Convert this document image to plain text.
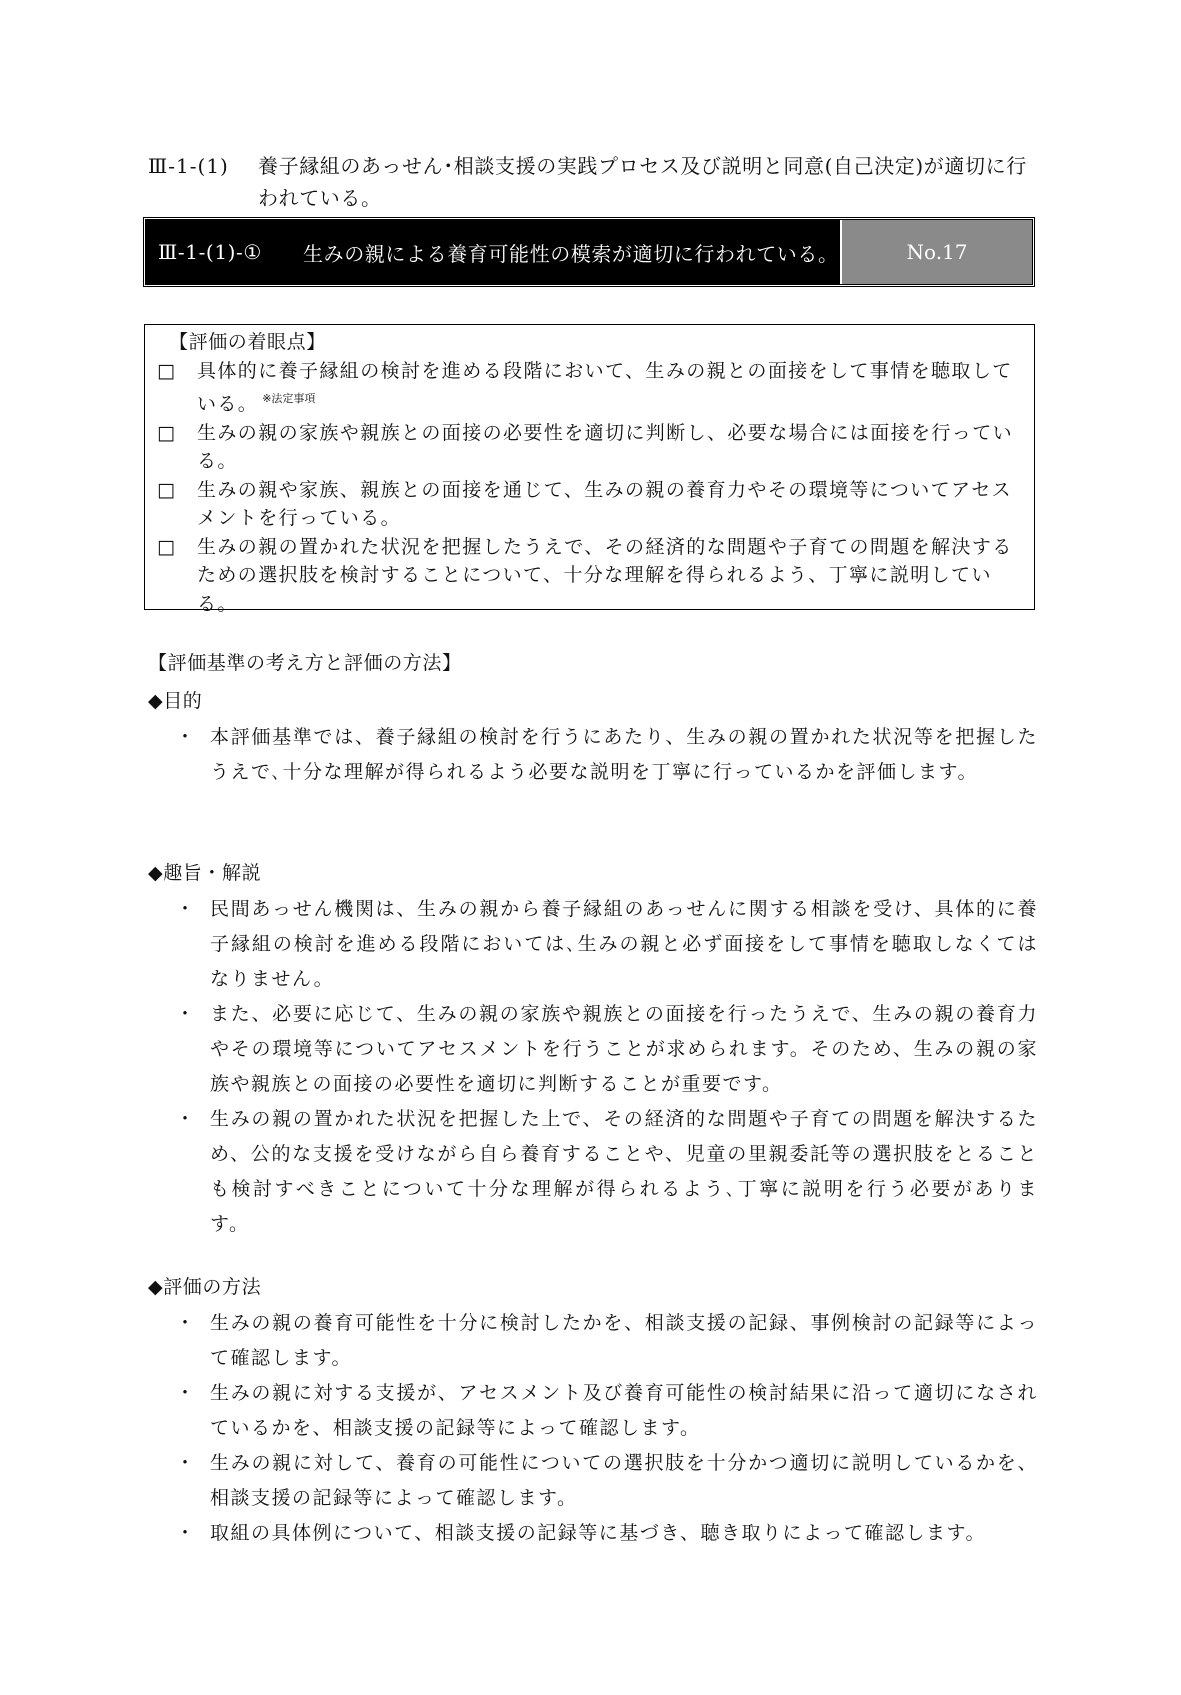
Ⅲ-1-(1)	養子縁組のあっせん･相談支援の実践プロセス及び説明と同意(自己決定)が適切に行われている。
Ⅲ-1-(1)-①	生みの親による養育可能性の模索が適切に行われている。	No.17
【評価の着眼点】
□	具体的に養子縁組の検討を進める段階において、生みの親との面接をして事情を聴取している。 $^{※法定事項}$
□	生みの親の家族や親族との面接の必要性を適切に判断し、必要な場合には面接を行っている。
□	生みの親や家族、親族との面接を通じて、生みの親の養育力やその環境等についてアセスメントを行っている。
□	生みの親の置かれた状況を把握したうえで、その経済的な問題や子育ての問題を解決するための選択肢を検討することについて、十分な理解を得られるよう、丁寧に説明している。
【評価基準の考え方と評価の方法】
◆目的
・ 本評価基準では、養子縁組の検討を行うにあたり、生みの親の置かれた状況等を把握したうえで､十分な理解が得られるよう必要な説明を丁寧に行っているかを評価します。
◆趣旨・解説
・ 民間あっせん機関は、生みの親から養子縁組のあっせんに関する相談を受け、具体的に養子縁組の検討を進める段階においては､生みの親と必ず面接をして事情を聴取しなくてはなりません。
・ また、必要に応じて、生みの親の家族や親族との面接を行ったうえで、生みの親の養育力やその環境等についてアセスメントを行うことが求められます。そのため、生みの親の家族や親族との面接の必要性を適切に判断することが重要です。
・ 生みの親の置かれた状況を把握した上で、その経済的な問題や子育ての問題を解決するため、公的な支援を受けながら自ら養育することや、児童の里親委託等の選択肢をとることも検討すべきことについて十分な理解が得られるよう､丁寧に説明を行う必要があります。
◆評価の方法
・ 生みの親の養育可能性を十分に検討したかを、相談支援の記録、事例検討の記録等によって確認します。
・ 生みの親に対する支援が、アセスメント及び養育可能性の検討結果に沿って適切になされているかを、相談支援の記録等によって確認します。
・ 生みの親に対して、養育の可能性についての選択肢を十分かつ適切に説明しているかを、相談支援の記録等によって確認します。
・ 取組の具体例について、相談支援の記録等に基づき、聴き取りによって確認します。
